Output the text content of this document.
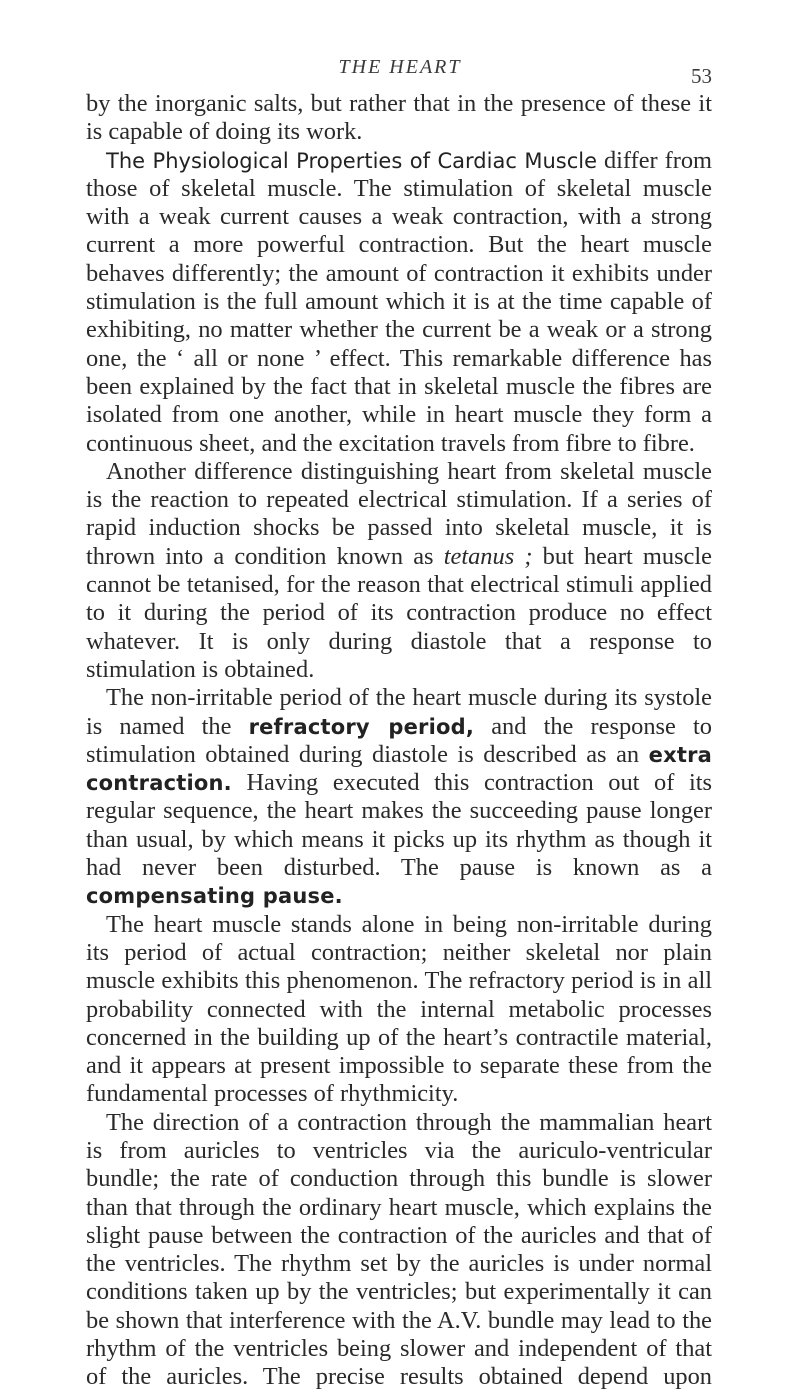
THE HEART	53

by the inorganic salts, but rather that in the presence of these it is capable of doing its work.

The Physiological Properties of Cardiac Muscle differ from those of skeletal muscle. The stimulation of skeletal muscle with a weak current causes a weak contraction, with a strong current a more powerful contraction. But the heart muscle behaves differently; the amount of contraction it exhibits under stimulation is the full amount which it is at the time capable of exhibiting, no matter whether the current be a weak or a strong one, the ‘ all or none ’ effect. This remarkable difference has been explained by the fact that in skeletal muscle the fibres are isolated from one another, while in heart muscle they form a continuous sheet, and the excitation travels from fibre to fibre.

Another difference distinguishing heart from skeletal muscle is the reaction to repeated electrical stimulation. If a series of rapid induction shocks be passed into skeletal muscle, it is thrown into a condition known as tetanus ; but heart muscle cannot be tetanised, for the reason that electrical stimuli applied to it during the period of its contraction produce no effect whatever. It is only during diastole that a response to stimulation is obtained.

The non-irritable period of the heart muscle during its systole is named the refractory period, and the response to stimulation obtained during diastole is described as an extra contraction. Having executed this contraction out of its regular sequence, the heart makes the succeeding pause longer than usual, by which means it picks up its rhythm as though it had never been disturbed. The pause is known as a compensating pause.

The heart muscle stands alone in being non-irritable during its period of actual contraction; neither skeletal nor plain muscle exhibits this phenomenon. The refractory period is in all probability connected with the internal metabolic processes concerned in the building up of the heart’s contractile material, and it appears at present impossible to separate these from the fundamental processes of rhythmicity.

The direction of a contraction through the mammalian heart is from auricles to ventricles via the auriculo-ventricular bundle; the rate of conduction through this bundle is slower than that through the ordinary heart muscle, which explains the slight pause between the contraction of the auricles and that of the ventricles. The rhythm set by the auricles is under normal conditions taken up by the ventricles; but experimentally it can be shown that interference with the A.V. bundle may lead to the rhythm of the ventricles being slower and independent of that of the auricles. The precise results obtained depend upon
